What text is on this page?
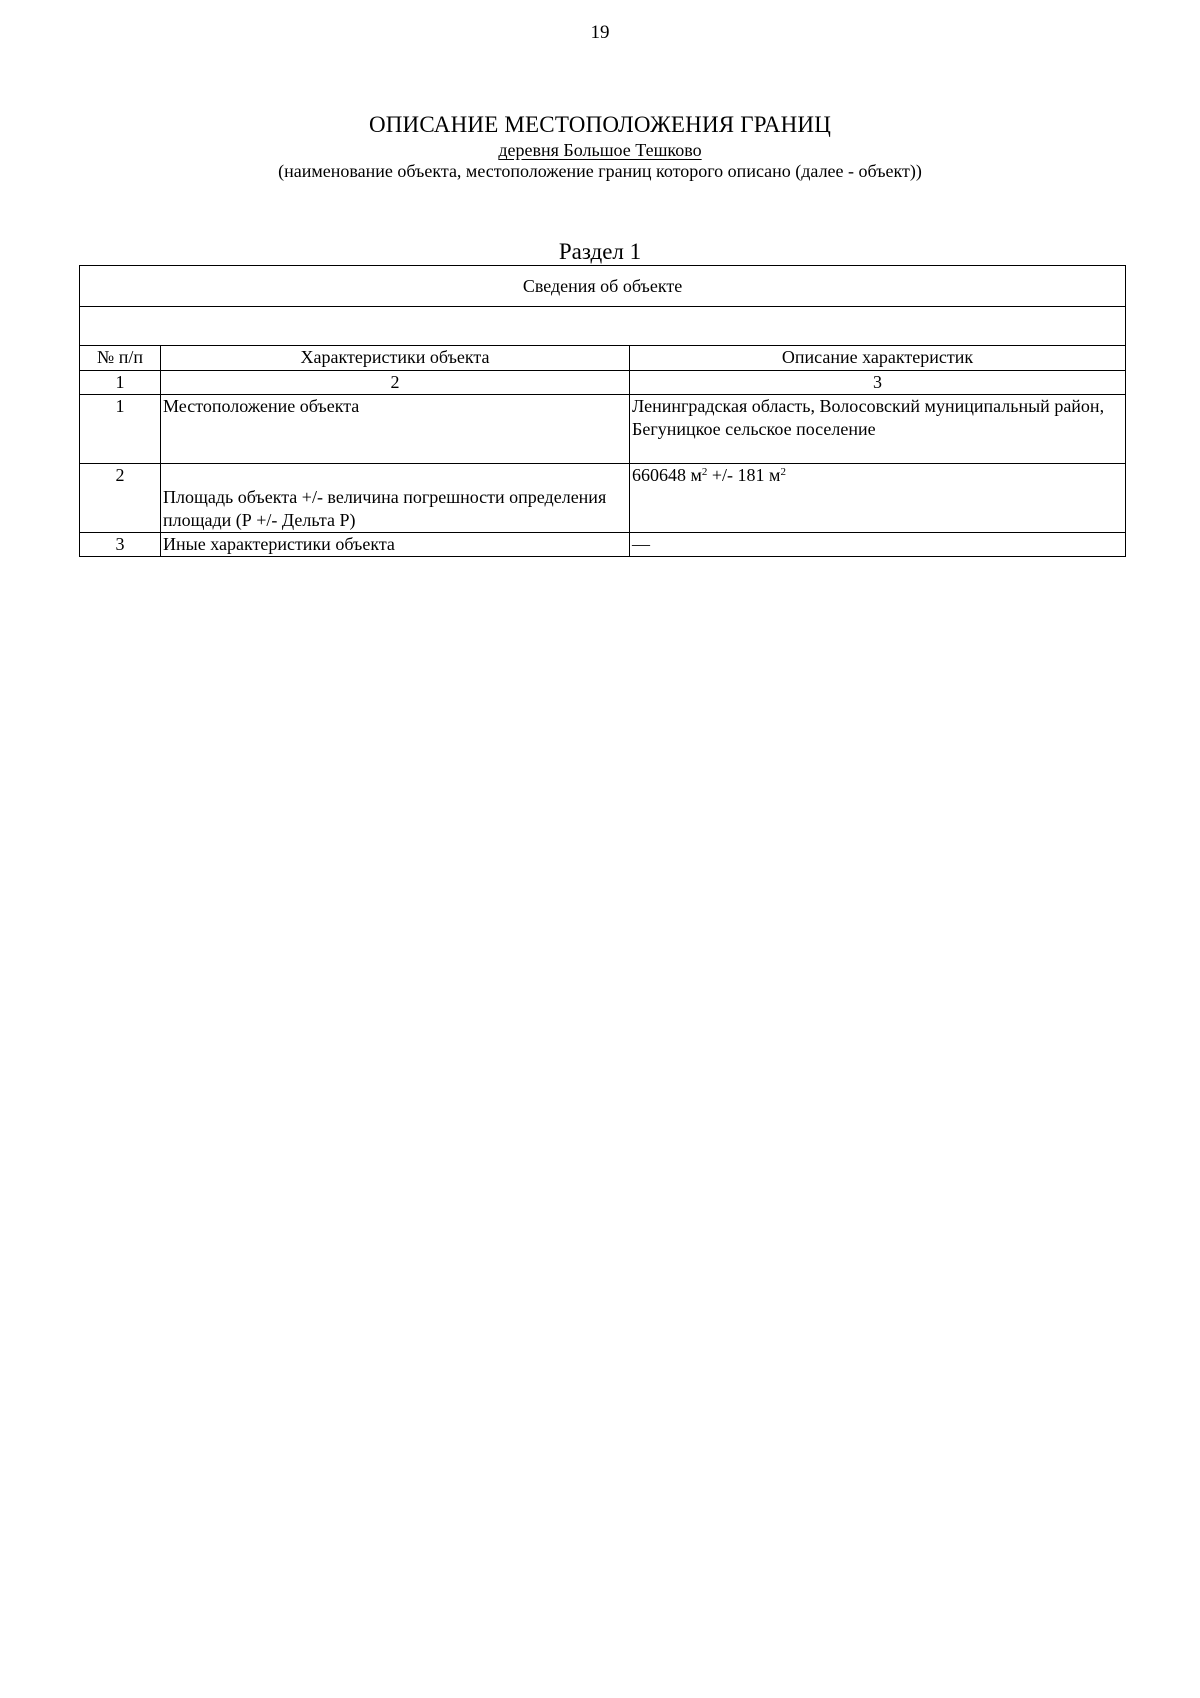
19
ОПИСАНИЕ МЕСТОПОЛОЖЕНИЯ ГРАНИЦ
деревня Большое Тешково
(наименование объекта, местоположение границ которого описано (далее - объект))
Раздел 1
Сведения об объекте		

№ п/п	Характеристики объекта	Описание характеристик
1	2	3
1	Местоположение объекта	Ленинградская область, Волосовский муниципальный район, Бегуницкое сельское поселение
2	Площадь объекта +/- величина погрешности определения площади (Р +/- Дельта Р)	660648 $м^2$ +/- 181 $м^2$
3	Иные характеристики объекта	—
